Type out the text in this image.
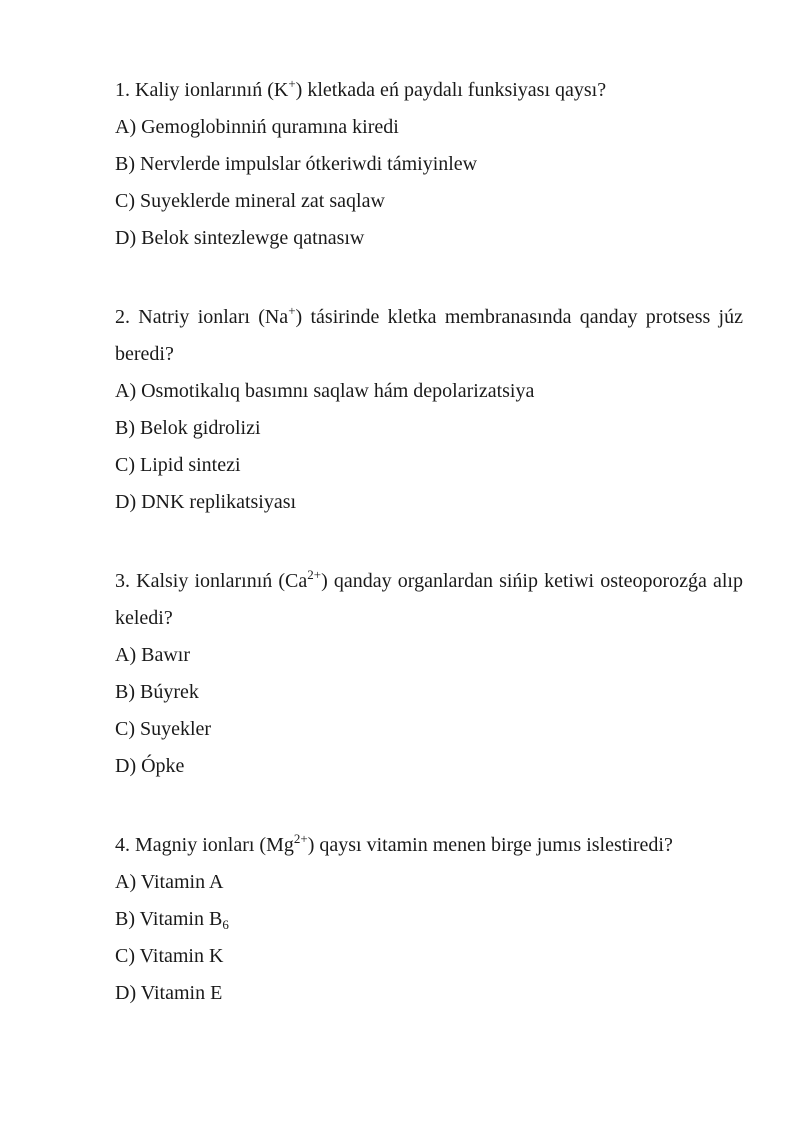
1. Kaliy ionlarınıń (K+) kletkada eń paydalı funksiyası qaysı?
A) Gemoglobinniń quramına kiredi
B) Nervlerde impulslar ótkeriwdi támiyinlew
C) Suyeklerde mineral zat saqlaw
D) Belok sintezlewge qatnasıw
2. Natriy ionları (Na+) tásirinde kletka membranasında qanday protsess júz beredi?
A) Osmotikalıq basımnı saqlaw hám depolarizatsiya
B) Belok gidrolizi
C) Lipid sintezi
D) DNK replikatsiyası
3. Kalsiy ionlarınıń $(Ca^{2+})$ qanday organlardan sińip ketiwi osteoporozǵa alıp keledi?
A) Bawır
B) Búyrek
C) Suyekler
D) Ópke
4. Magniy ionları $(Mg^{2+})$ qaysı vitamin menen birge jumıs islestiredi?
A) Vitamin A
B) Vitamin $B_6$
C) Vitamin K
D) Vitamin E
